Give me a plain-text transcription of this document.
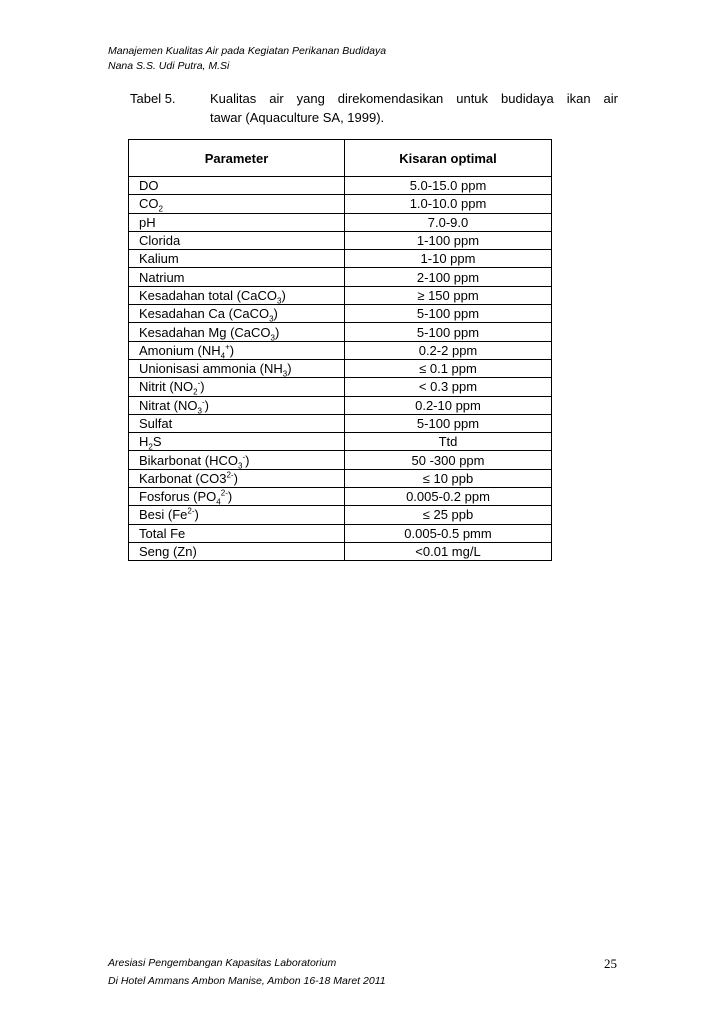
Manajemen Kualitas Air pada Kegiatan Perikanan Budidaya
Nana S.S. Udi Putra, M.Si
Tabel 5.	Kualitas air yang direkomendasikan untuk budidaya ikan air
tawar (Aquaculture SA, 1999).
Parameter	Kisaran optimal
DO	5.0-15.0 ppm
$CO_2$	1.0-10.0 ppm
pH	7.0-9.0
Clorida	1-100 ppm
Kalium	1-10 ppm
Natrium	2-100 ppm
Kesadahan total (CaCO$_3$)	≥ 150 ppm
Kesadahan Ca (CaCO$_3$)	5-100 ppm
Kesadahan Mg (CaCO$_3$)	5-100 ppm
Amonium $(NH_4^+)$	0.2-2 ppm
Unionisasi ammonia $(NH_3)$	≤ 0.1 ppm
Nitrit $(NO_2^-)$	< 0.3 ppm
Nitrat $(NO_3^-)$	0.2-10 ppm
Sulfat	5-100 ppm
$H_2S$	Ttd
Bikarbonat $(HCO_3^-)$	50 -300 ppm
Karbonat $(CO3^{2-})$	≤ 10 ppb
Fosforus $(PO_4^{2-})$	0.005-0.2 ppm
Besi $(Fe^{2-})$	≤ 25 ppb
Total Fe	0.005-0.5 pmm
Seng (Zn)	<0.01 mg/L
Aresiasi Pengembangan Kapasitas Laboratorium
Di Hotel Ammans Ambon Manise, Ambon 16-18 Maret 2011
25
